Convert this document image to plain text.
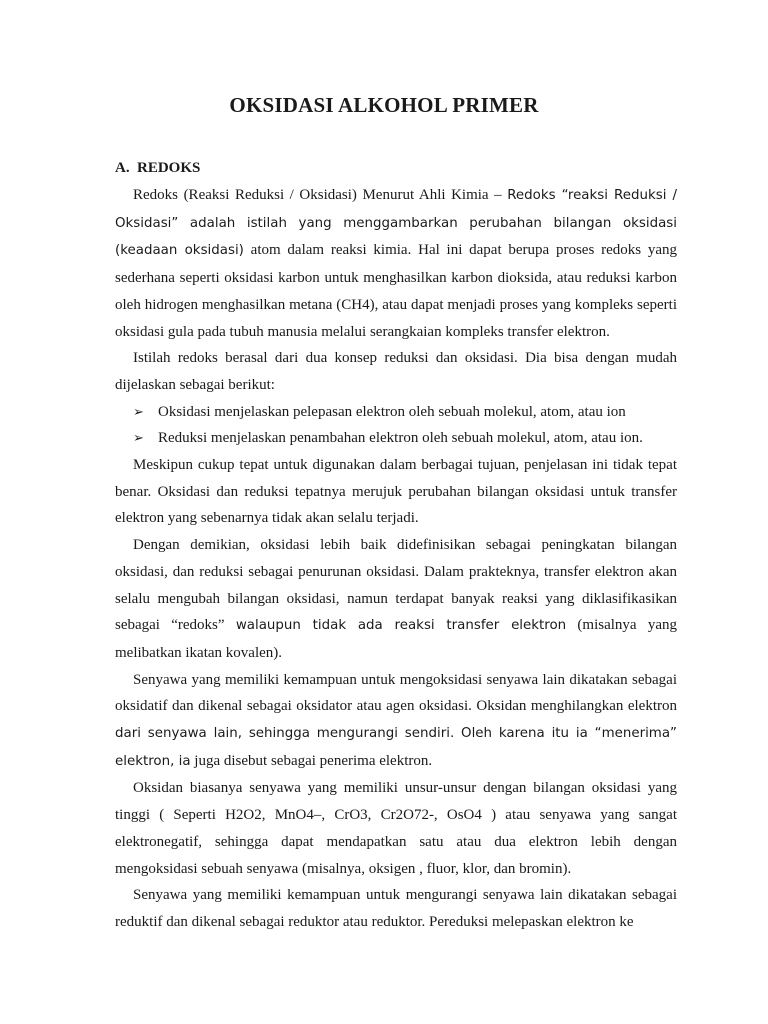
OKSIDASI ALKOHOL PRIMER
A. REDOKS

Redoks (Reaksi Reduksi / Oksidasi) Menurut Ahli Kimia – Redoks “reaksi Reduksi / Oksidasi” adalah istilah yang menggambarkan perubahan bilangan oksidasi (keadaan oksidasi) atom dalam reaksi kimia. Hal ini dapat berupa proses redoks yang sederhana seperti oksidasi karbon untuk menghasilkan karbon dioksida, atau reduksi karbon oleh hidrogen menghasilkan metana (CH4), atau dapat menjadi proses yang kompleks seperti oksidasi gula pada tubuh manusia melalui serangkaian kompleks transfer elektron.

Istilah redoks berasal dari dua konsep reduksi dan oksidasi. Dia bisa dengan mudah dijelaskan sebagai berikut:

➢ Oksidasi menjelaskan pelepasan elektron oleh sebuah molekul, atom, atau ion
➢ Reduksi menjelaskan penambahan elektron oleh sebuah molekul, atom, atau ion.

Meskipun cukup tepat untuk digunakan dalam berbagai tujuan, penjelasan ini tidak tepat benar. Oksidasi dan reduksi tepatnya merujuk perubahan bilangan oksidasi untuk transfer elektron yang sebenarnya tidak akan selalu terjadi.

Dengan demikian, oksidasi lebih baik didefinisikan sebagai peningkatan bilangan oksidasi, dan reduksi sebagai penurunan oksidasi. Dalam prakteknya, transfer elektron akan selalu mengubah bilangan oksidasi, namun terdapat banyak reaksi yang diklasifikasikan sebagai “redoks” walaupun tidak ada reaksi transfer elektron (misalnya yang melibatkan ikatan kovalen).

Senyawa yang memiliki kemampuan untuk mengoksidasi senyawa lain dikatakan sebagai oksidatif dan dikenal sebagai oksidator atau agen oksidasi. Oksidan menghilangkan elektron dari senyawa lain, sehingga mengurangi sendiri. Oleh karena itu ia “menerima” elektron, ia juga disebut sebagai penerima elektron.

Oksidan biasanya senyawa yang memiliki unsur-unsur dengan bilangan oksidasi yang tinggi ( Seperti H2O2, MnO4–, CrO3, Cr2O72-, OsO4 ) atau senyawa yang sangat elektronegatif, sehingga dapat mendapatkan satu atau dua elektron lebih dengan mengoksidasi sebuah senyawa (misalnya, oksigen , fluor, klor, dan bromin).

Senyawa yang memiliki kemampuan untuk mengurangi senyawa lain dikatakan sebagai reduktif dan dikenal sebagai reduktor atau reduktor. Pereduksi melepaskan elektron ke
